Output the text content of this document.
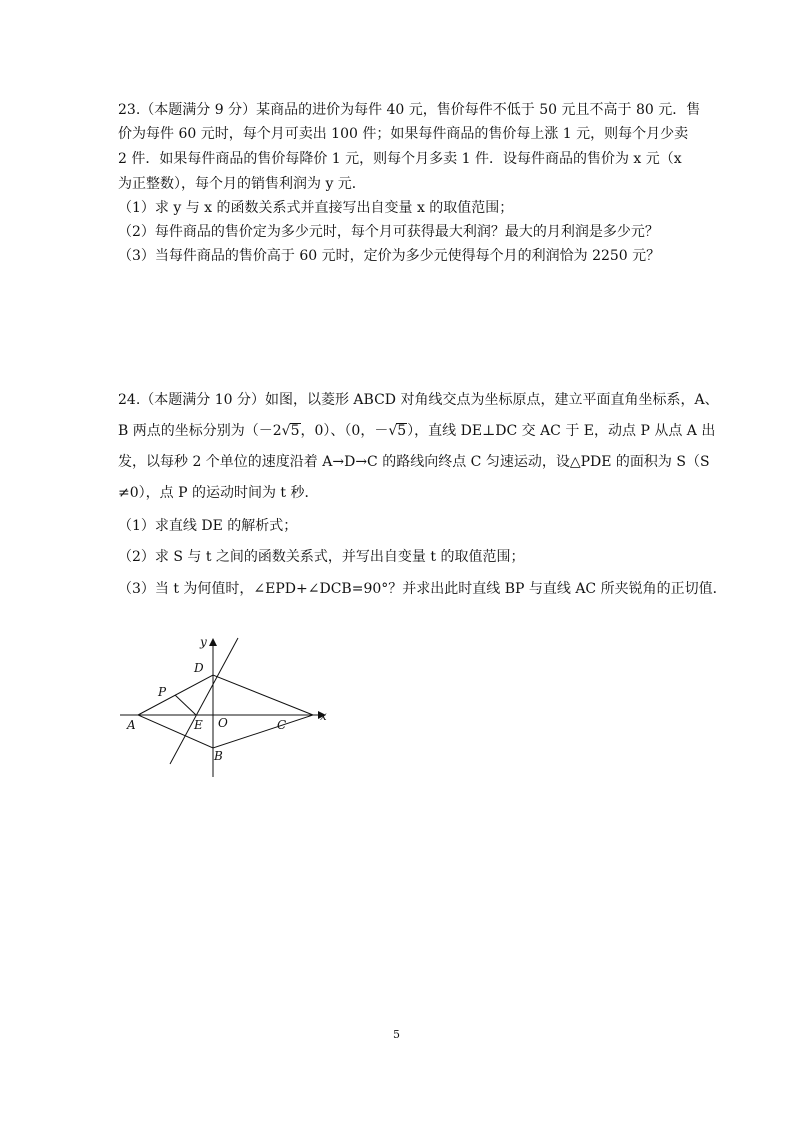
23.（本题满分 9 分）某商品的进价为每件 40 元，售价每件不低于 50 元且不高于 80 元．售
价为每件 60 元时，每个月可卖出 100 件；如果每件商品的售价每上涨 1 元，则每个月少卖
2 件．如果每件商品的售价每降价 1 元，则每个月多卖 1 件．设每件商品的售价为 x 元（x
为正整数），每个月的销售利润为 y 元．
（1）求 y 与 x 的函数关系式并直接写出自变量 x 的取值范围；
（2）每件商品的售价定为多少元时，每个月可获得最大利润？最大的月利润是多少元？
（3）当每件商品的售价高于 60 元时，定价为多少元使得每个月的利润恰为 2250 元？
24.（本题满分 10 分）如图，以菱形 ABCD 对角线交点为坐标原点，建立平面直角坐标系，A、
B 两点的坐标分别为（－2√5，0）、（0，－√5），直线 DE⊥DC 交 AC 于 E，动点 P 从点 A 出
发，以每秒 2 个单位的速度沿着 A→D→C 的路线向终点 C 匀速运动，设△PDE 的面积为 S（S
≠0），点 P 的运动时间为 t 秒．
（1）求直线 DE 的解析式；
（2）求 S 与 t 之间的函数关系式，并写出自变量 t 的取值范围；
（3）当 t 为何值时，∠EPD+∠DCB=90°？并求出此时直线 BP 与直线 AC 所夹锐角的正切值．
y
x
D
P
A	E O	C
B
5
